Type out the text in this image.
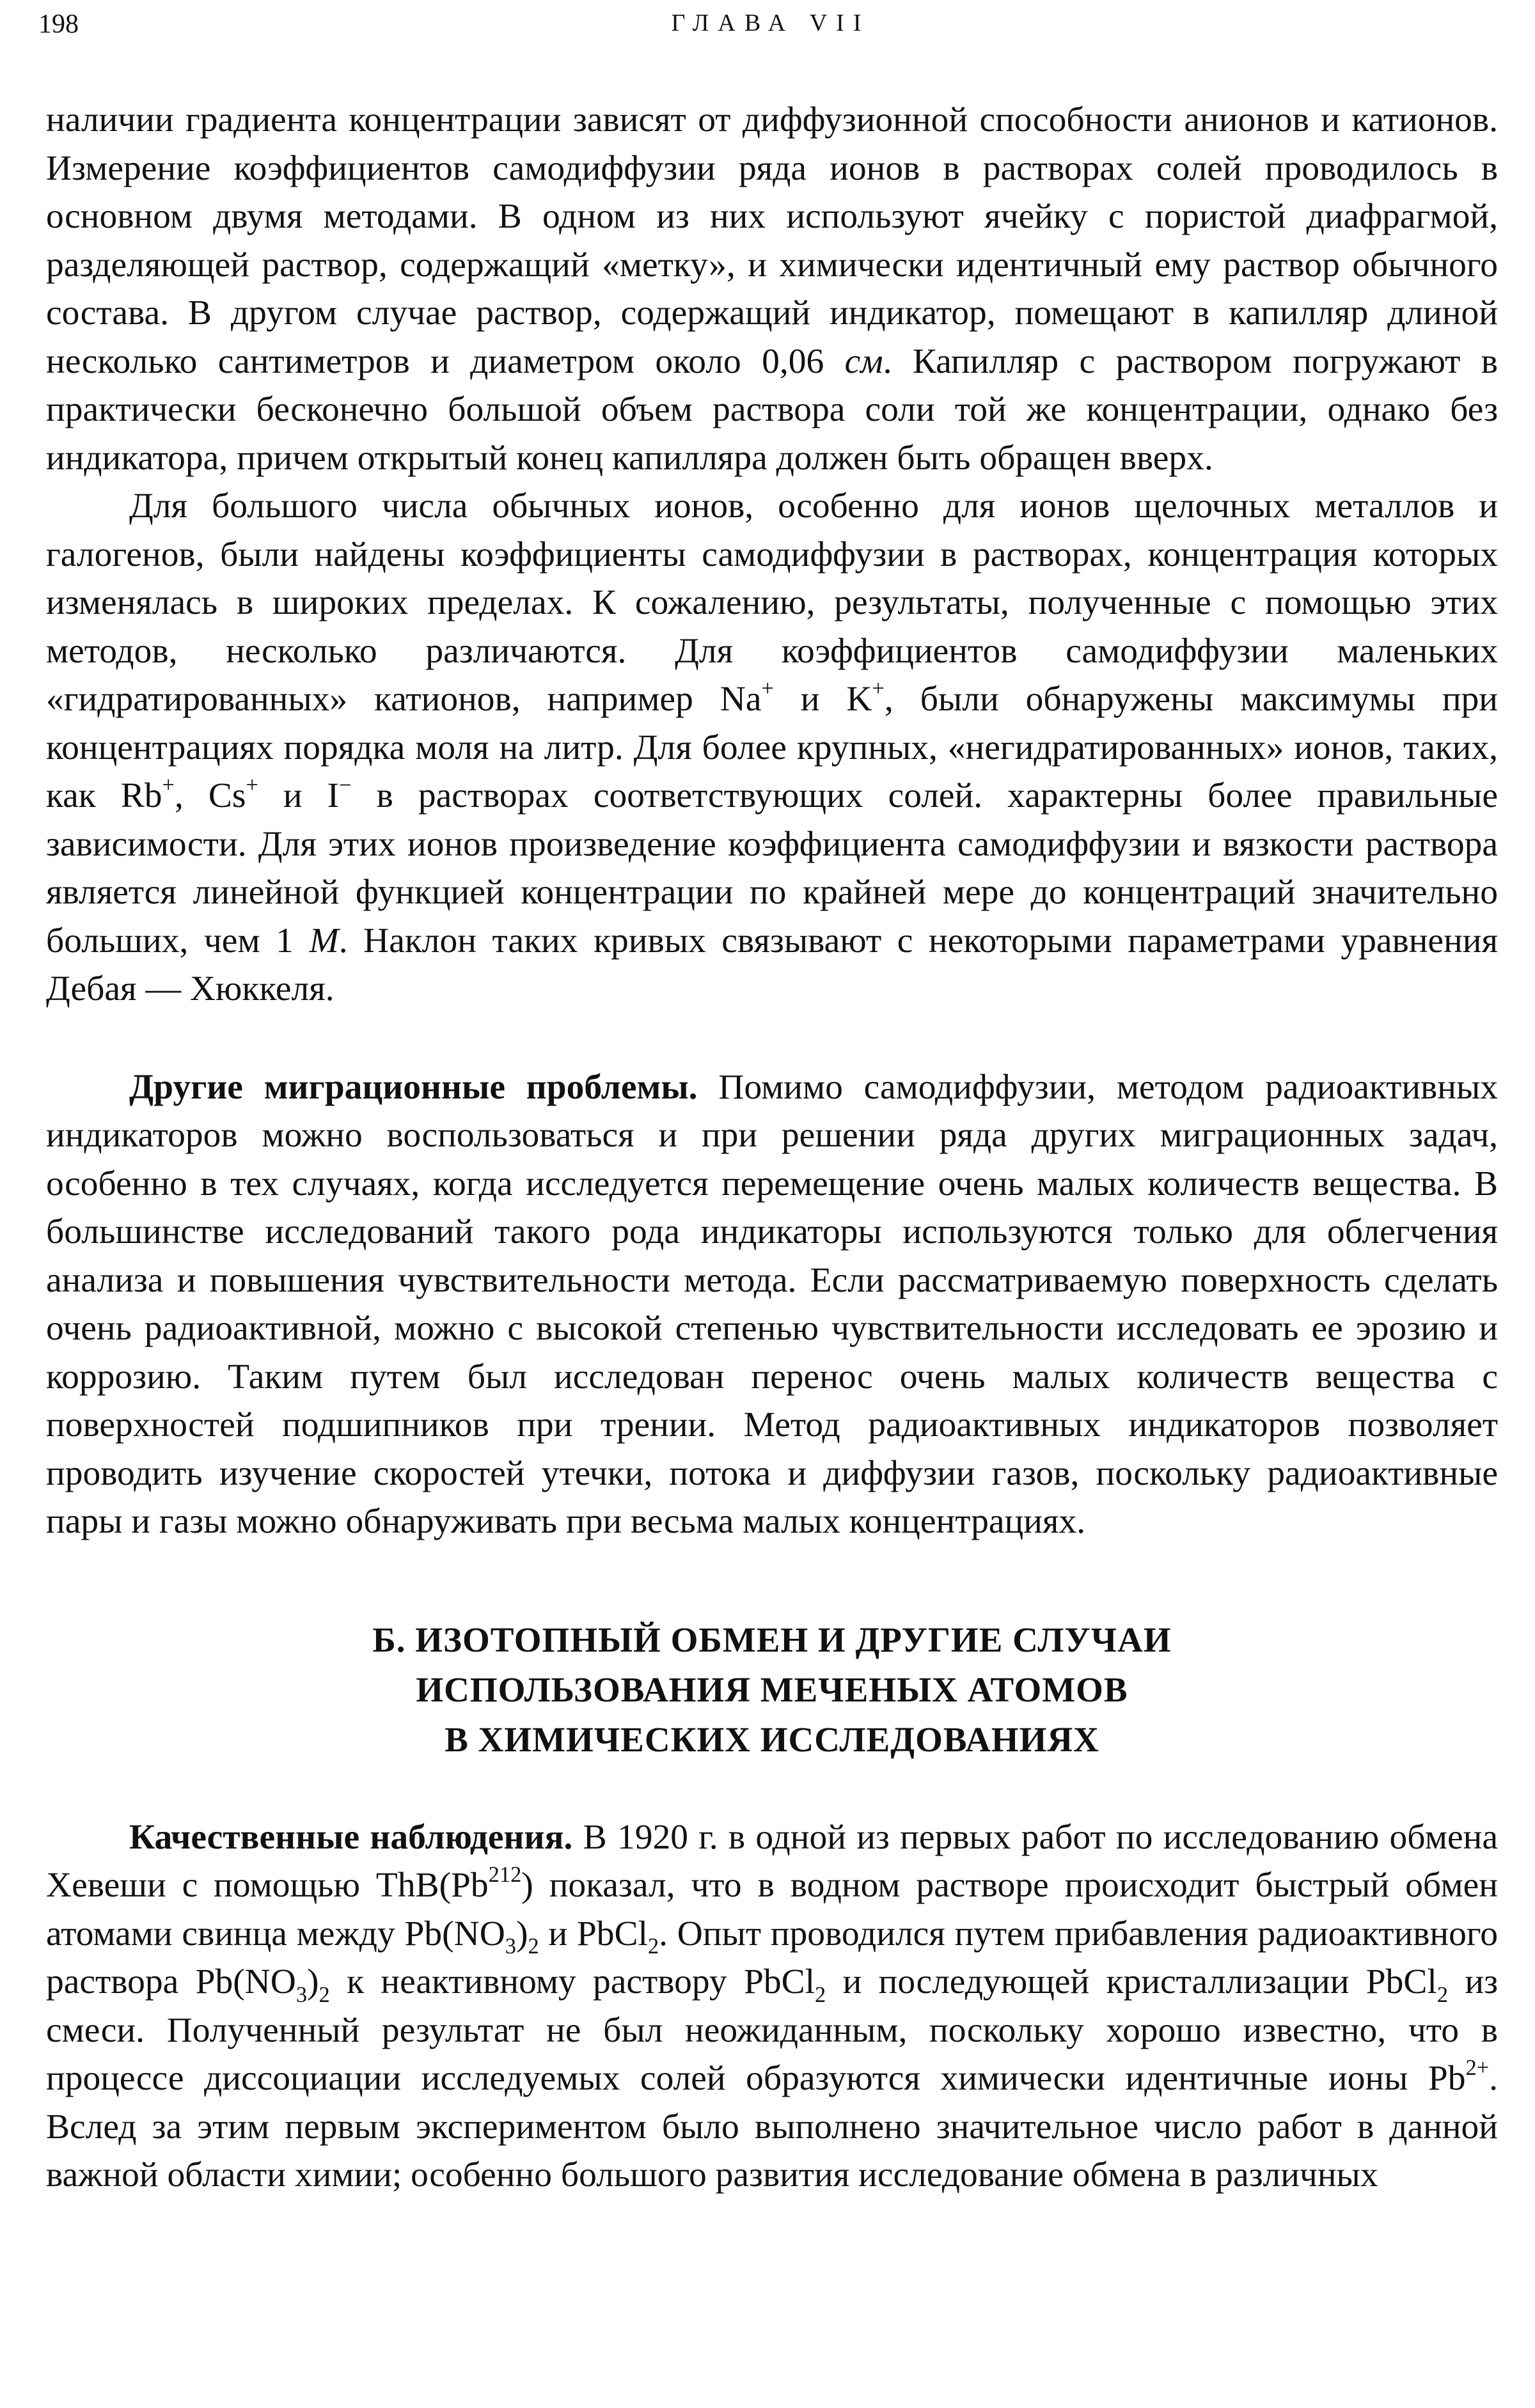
198	ГЛАВА VII

наличии градиента концентрации зависят от диффузионной способности анионов и катионов. Измерение коэффициентов самодиффузии ряда ионов в растворах солей проводилось в основном двумя методами. В одном из них используют ячейку с пористой диафрагмой, разделяющей раствор, содержащий «метку», и химически идентичный ему раствор обычного состава. В другом случае раствор, содержащий индикатор, помещают в капилляр длиной несколько сантиметров и диаметром около 0,06 см. Капилляр с раствором погружают в практически бесконечно большой объем раствора соли той же концентрации, однако без индикатора, причем открытый конец капилляра должен быть обращен вверх.

Для большого числа обычных ионов, особенно для ионов щелочных металлов и галогенов, были найдены коэффициенты самодиффузии в растворах, концентрация которых изменялась в широких пределах. К сожалению, результаты, полученные с помощью этих методов, несколько различаются. Для коэффициентов самодиффузии маленьких «гидратированных» катионов, например Na+ и K+, были обнаружены максимумы при концентрациях порядка моля на литр. Для более крупных, «негидратированных» ионов, таких, как Rb+, Cs+ и I− в растворах соответствующих солей. характерны более правильные зависимости. Для этих ионов произведение коэффициента самодиффузии и вязкости раствора является линейной функцией концентрации по крайней мере до концентраций значительно больших, чем 1 М. Наклон таких кривых связывают с некоторыми параметрами уравнения Дебая — Хюккеля.

Другие миграционные проблемы. Помимо самодиффузии, методом радиоактивных индикаторов можно воспользоваться и при решении ряда других миграционных задач, особенно в тех случаях, когда исследуется перемещение очень малых количеств вещества. В большинстве исследований такого рода индикаторы используются только для облегчения анализа и повышения чувствительности метода. Если рассматриваемую поверхность сделать очень радиоактивной, можно с высокой степенью чувствительности исследовать ее эрозию и коррозию. Таким путем был исследован перенос очень малых количеств вещества с поверхностей подшипников при трении. Метод радиоактивных индикаторов позволяет проводить изучение скоростей утечки, потока и диффузии газов, поскольку радиоактивные пары и газы можно обнаруживать при весьма малых концентрациях.

Б. ИЗОТОПНЫЙ ОБМЕН И ДРУГИЕ СЛУЧАИ
ИСПОЛЬЗОВАНИЯ МЕЧЕНЫХ АТОМОВ
В ХИМИЧЕСКИХ ИССЛЕДОВАНИЯХ

Качественные наблюдения. В 1920 г. в одной из первых работ по исследованию обмена Хевеши с помощью ThB(Pb$^{212}$) показал, что в водном растворе происходит быстрый обмен атомами свинца между $Pb(NO_3)_2$ и PbCl$_2$. Опыт проводился путем прибавления радиоактивного раствора $Pb(NO_3)_2$ к неактивному раствору PbCl$_2$ и последующей кристаллизации PbCl$_2$ из смеси. Полученный результат не был неожиданным, поскольку хорошо известно, что в процессе диссоциации исследуемых солей образуются химически идентичные ионы $Pb^{2+}$. Вслед за этим первым экспериментом было выполнено значительное число работ в данной важной области химии; особенно большого развития исследование обмена в различных
